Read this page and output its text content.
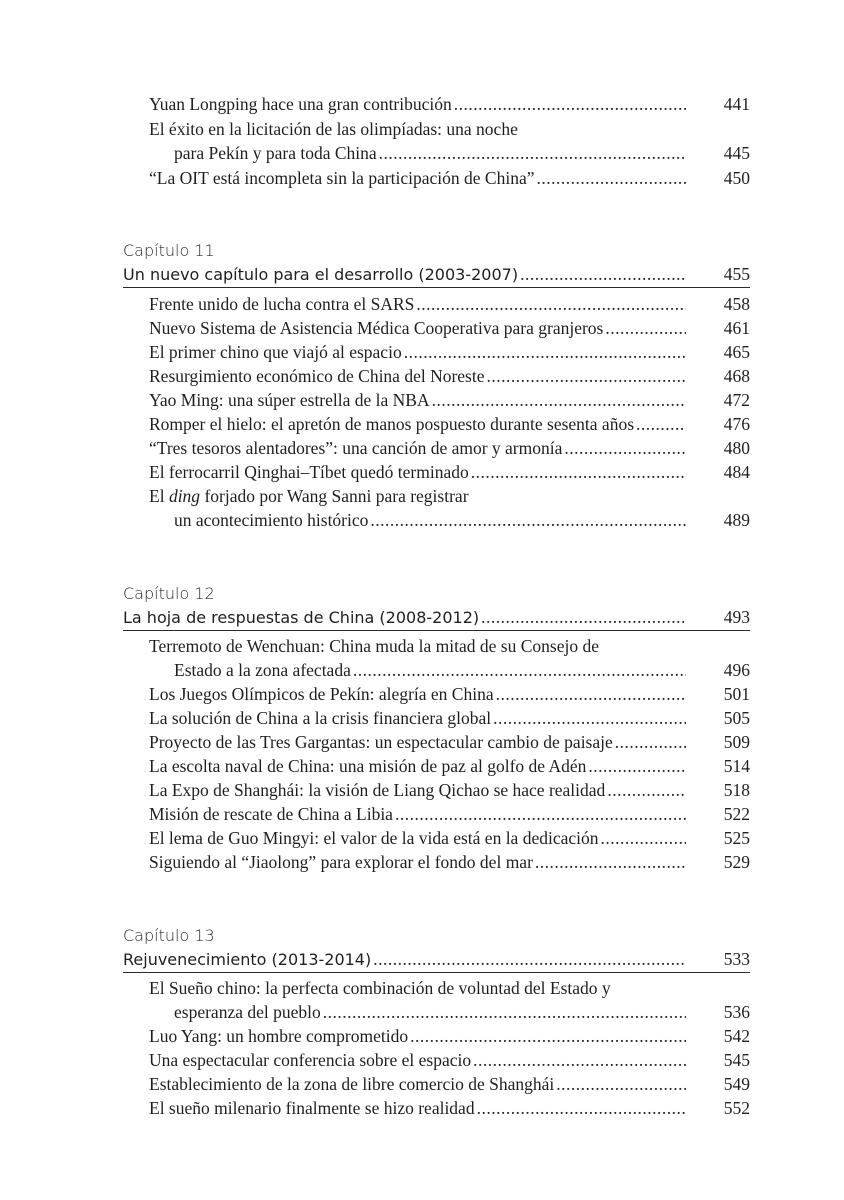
Yuan Longping hace una gran contribución .....	441
El éxito en la licitación de las olimpíadas: una noche
para Pekín y para toda China .....	445
“La OIT está incompleta sin la participación de China” .....	450
Capítulo 11
Un nuevo capítulo para el desarrollo (2003-2007) .....	455
Frente unido de lucha contra el SARS .....	458
Nuevo Sistema de Asistencia Médica Cooperativa para granjeros .....	461
El primer chino que viajó al espacio .....	465
Resurgimiento económico de China del Noreste .....	468
Yao Ming: una súper estrella de la NBA .....	472
Romper el hielo: el apretón de manos pospuesto durante sesenta años .....	476
“Tres tesoros alentadores”: una canción de amor y armonía .....	480
El ferrocarril Qinghai–Tíbet quedó terminado .....	484
El ding forjado por Wang Sanni para registrar
un acontecimiento histórico .....	489
Capítulo 12
La hoja de respuestas de China (2008-2012) .....	493
Terremoto de Wenchuan: China muda la mitad de su Consejo de
Estado a la zona afectada .....	496
Los Juegos Olímpicos de Pekín: alegría en China .....	501
La solución de China a la crisis financiera global .....	505
Proyecto de las Tres Gargantas: un espectacular cambio de paisaje .....	509
La escolta naval de China: una misión de paz al golfo de Adén .....	514
La Expo de Shanghái: la visión de Liang Qichao se hace realidad .....	518
Misión de rescate de China a Libia .....	522
El lema de Guo Mingyi: el valor de la vida está en la dedicación .....	525
Siguiendo al “Jiaolong” para explorar el fondo del mar .....	529
Capítulo 13
Rejuvenecimiento (2013-2014) .....	533
El Sueño chino: la perfecta combinación de voluntad del Estado y
esperanza del pueblo .....	536
Luo Yang: un hombre comprometido .....	542
Una espectacular conferencia sobre el espacio .....	545
Establecimiento de la zona de libre comercio de Shanghái .....	549
El sueño milenario finalmente se hizo realidad .....	552
